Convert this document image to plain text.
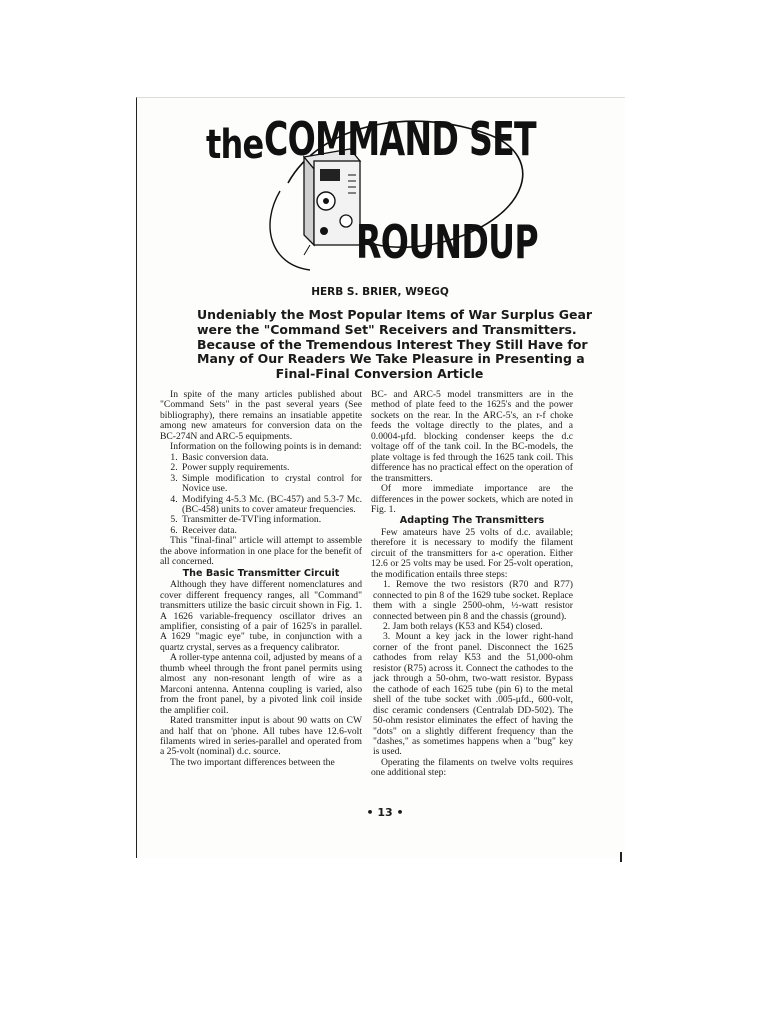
the COMMAND SET
ROUNDUP
HERB S. BRIER, W9EGQ
Undeniably the Most Popular Items of War Surplus Gear
were the "Command Set" Receivers and Transmitters.
Because of the Tremendous Interest They Still Have for
Many of Our Readers We Take Pleasure in Presenting a
Final-Final Conversion Article

In spite of the many articles published about "Command Sets" in the past several years (See bibliography), there remains an insatiable appetite among new amateurs for conversion data on the BC-274N and ARC-5 equipments.

Information on the following points is in demand:

1. Basic conversion data.
2. Power supply requirements.
3. Simple modification to crystal control for Novice use.
4. Modifying 4-5.3 Mc. (BC-457) and 5.3-7 Mc. (BC-458) units to cover amateur frequencies.
5. Transmitter de-TVI'ing information.
6. Receiver data.

This "final-final" article will attempt to assemble the above information in one place for the benefit of all concerned.

The Basic Transmitter Circuit

Although they have different nomenclatures and cover different frequency ranges, all "Command" transmitters utilize the basic circuit shown in Fig. 1. A 1626 variable-frequency oscillator drives an amplifier, consisting of a pair of 1625's in parallel. A 1629 "magic eye" tube, in conjunction with a quartz crystal, serves as a frequency calibrator.

A roller-type antenna coil, adjusted by means of a thumb wheel through the front panel permits using almost any non-resonant length of wire as a Marconi antenna. Antenna coupling is varied, also from the front panel, by a pivoted link coil inside the amplifier coil.

Rated transmitter input is about 90 watts on CW and half that on 'phone. All tubes have 12.6-volt filaments wired in series-parallel and operated from a 25-volt (nominal) d.c. source.

The two important differences between the

BC- and ARC-5 model transmitters are in the method of plate feed to the 1625's and the power sockets on the rear. In the ARC-5's, an r-f choke feeds the voltage directly to the plates, and a 0.0004-μfd. blocking condenser keeps the d.c voltage off of the tank coil. In the BC-models, the plate voltage is fed through the 1625 tank coil. This difference has no practical effect on the operation of the transmitters.

Of more immediate importance are the differences in the power sockets, which are noted in Fig. 1.

Adapting The Transmitters

Few amateurs have 25 volts of d.c. available; therefore it is necessary to modify the filament circuit of the transmitters for a-c operation. Either 12.6 or 25 volts may be used. For 25-volt operation, the modification entails three steps:

1. Remove the two resistors (R70 and R77) connected to pin 8 of the 1629 tube socket. Replace them with a single 2500-ohm, ½-watt resistor connected between pin 8 and the chassis (ground).
2. Jam both relays (K53 and K54) closed.
3. Mount a key jack in the lower right-hand corner of the front panel. Disconnect the 1625 cathodes from relay K53 and the 51,000-ohm resistor (R75) across it. Connect the cathodes to the jack through a 50-ohm, two-watt resistor. Bypass the cathode of each 1625 tube (pin 6) to the metal shell of the tube socket with .005-μfd., 600-volt, disc ceramic condensers (Centralab DD-502). The 50-ohm resistor eliminates the effect of having the "dots" on a slightly different frequency than the "dashes," as sometimes happens when a "bug" key is used.

Operating the filaments on twelve volts requires one additional step:

• 13 •
